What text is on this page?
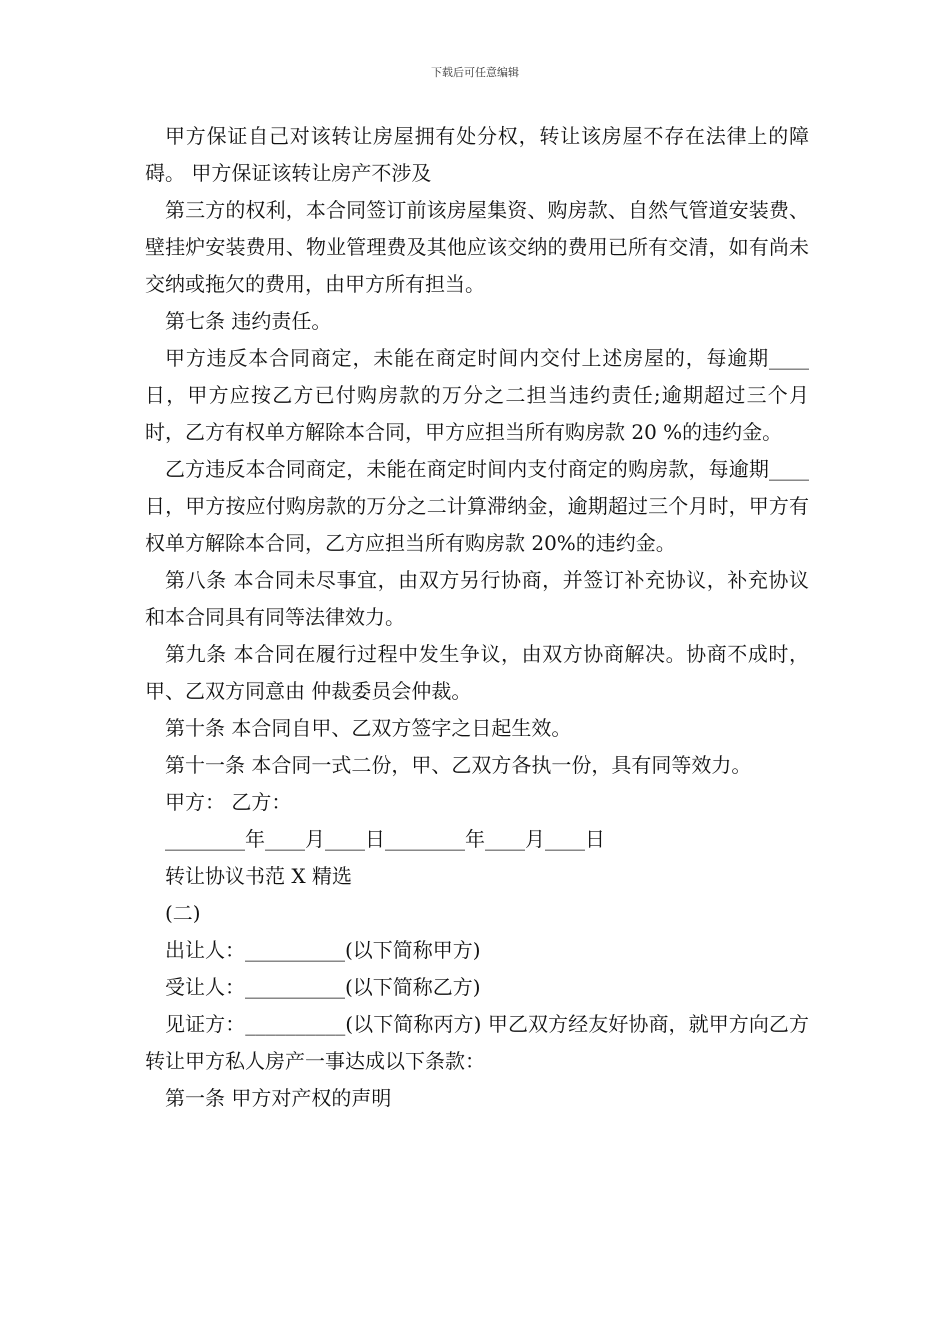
下载后可任意编辑

甲方保证自己对该转让房屋拥有处分权，转让该房屋不存在法律上的障碍。 甲方保证该转让房产不涉及

第三方的权利，本合同签订前该房屋集资、购房款、自然气管道安装费、壁挂炉安装费用、物业管理费及其他应该交纳的费用已所有交清，如有尚未交纳或拖欠的费用，由甲方所有担当。

第七条 违约责任。

甲方违反本合同商定，未能在商定时间内交付上述房屋的，每逾期____日，甲方应按乙方已付购房款的万分之二担当违约责任;逾期超过三个月时，乙方有权单方解除本合同，甲方应担当所有购房款 20 %的违约金。

乙方违反本合同商定，未能在商定时间内支付商定的购房款，每逾期____日，甲方按应付购房款的万分之二计算滞纳金，逾期超过三个月时，甲方有权单方解除本合同，乙方应担当所有购房款 20%的违约金。

第八条 本合同未尽事宜，由双方另行协商，并签订补充协议，补充协议和本合同具有同等法律效力。

第九条 本合同在履行过程中发生争议，由双方协商解决。协商不成时，甲、乙双方同意由 仲裁委员会仲裁。

第十条 本合同自甲、乙双方签字之日起生效。

第十一条 本合同一式二份，甲、乙双方各执一份，具有同等效力。

甲方： 乙方：

________年____月____日________年____月____日

转让协议书范 X 精选

(二)

出让人：__________(以下简称甲方)

受让人：__________(以下简称乙方)

见证方：__________(以下简称丙方) 甲乙双方经友好协商，就甲方向乙方转让甲方私人房产一事达成以下条款：

第一条 甲方对产权的声明
